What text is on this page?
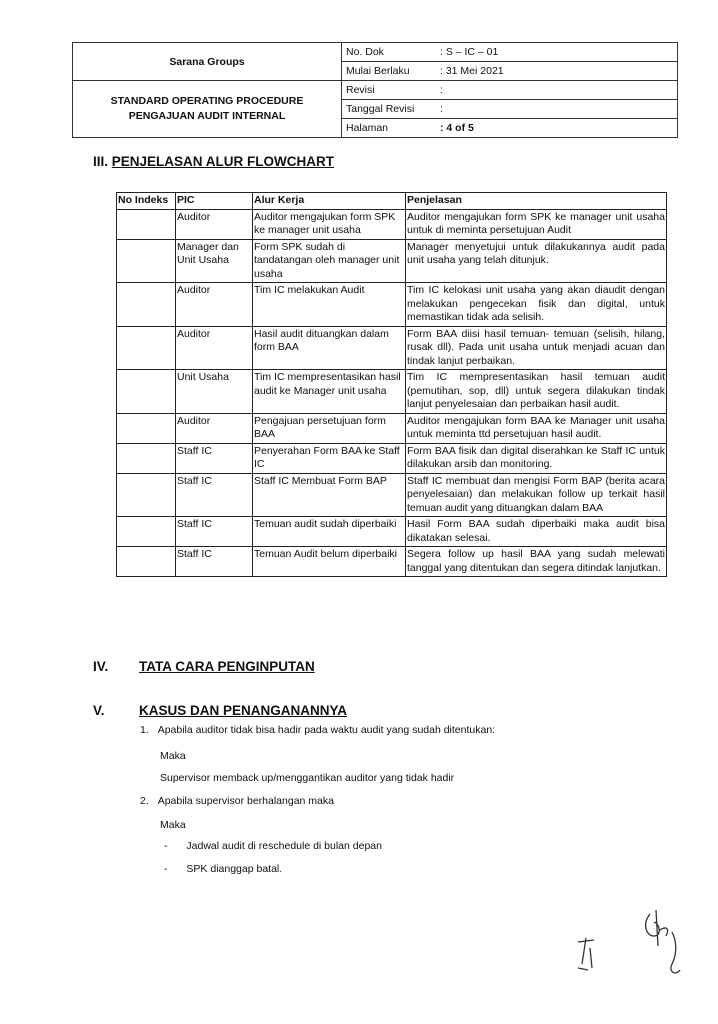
Sarana Groups	No. Dok	: S – IC – 01
	Mulai Berlaku	: 31 Mei 2021

STANDARD OPERATING PROCEDURE
PENGAJUAN AUDIT INTERNAL	Revisi	:
	Tanggal Revisi	:
	Halaman	: 4 of 5
III. PENJELASAN ALUR FLOWCHART
No Indeks	PIC	Alur Kerja	Penjelasan
	Auditor	Auditor mengajukan form SPK ke manager unit usaha	Auditor mengajukan form SPK ke manager unit usaha untuk di meminta persetujuan Audit
	Manager dan Unit Usaha	Form SPK sudah di tandatangan oleh manager unit usaha	Manager menyetujui untuk dilakukannya audit pada unit usaha yang telah ditunjuk.
	Auditor	Tim IC melakukan Audit	Tim IC kelokasi unit usaha yang akan diaudit dengan melakukan pengecekan fisik dan digital, untuk memastikan tidak ada selisih.
	Auditor	Hasil audit dituangkan dalam form BAA	Form BAA diisi hasil temuan- temuan (selisih, hilang, rusak dll). Pada unit usaha untuk menjadi acuan dan tindak lanjut perbaikan.
	Unit Usaha	Tim IC mempresentasikan hasil audit ke Manager unit usaha	Tim IC mempresentasikan hasil temuan audit (pemutihan, sop, dll) untuk segera dilakukan tindak lanjut penyelesaian dan perbaikan hasil audit.
	Auditor	Pengajuan persetujuan form BAA	Auditor mengajukan form BAA ke Manager unit usaha untuk meminta ttd persetujuan hasil audit.
	Staff IC	Penyerahan Form BAA ke Staff IC	Form BAA fisik dan digital diserahkan ke Staff IC untuk dilakukan arsib dan monitoring.
	Staff IC	Staff IC Membuat Form BAP	Staff IC membuat dan mengisi Form BAP (berita acara penyelesaian) dan melakukan follow up terkait hasil temuan audit yang dituangkan dalam BAA
	Staff IC	Temuan audit sudah diperbaiki	Hasil Form BAA sudah diperbaiki maka audit bisa dikatakan selesai.
	Staff IC	Temuan Audit belum diperbaiki	Segera follow up hasil BAA yang sudah melewati tanggal yang ditentukan dan segera ditindak lanjutkan.
IV. TATA CARA PENGINPUTAN
V.	KASUS DAN PENANGANANNYA
1. Apabila auditor tidak bisa hadir pada waktu audit yang sudah ditentukan:
Maka
Supervisor memback up/menggantikan auditor yang tidak hadir
2. Apabila supervisor berhalangan maka
Maka
- Jadwal audit di reschedule di bulan depan
- SPK dianggap batal.
